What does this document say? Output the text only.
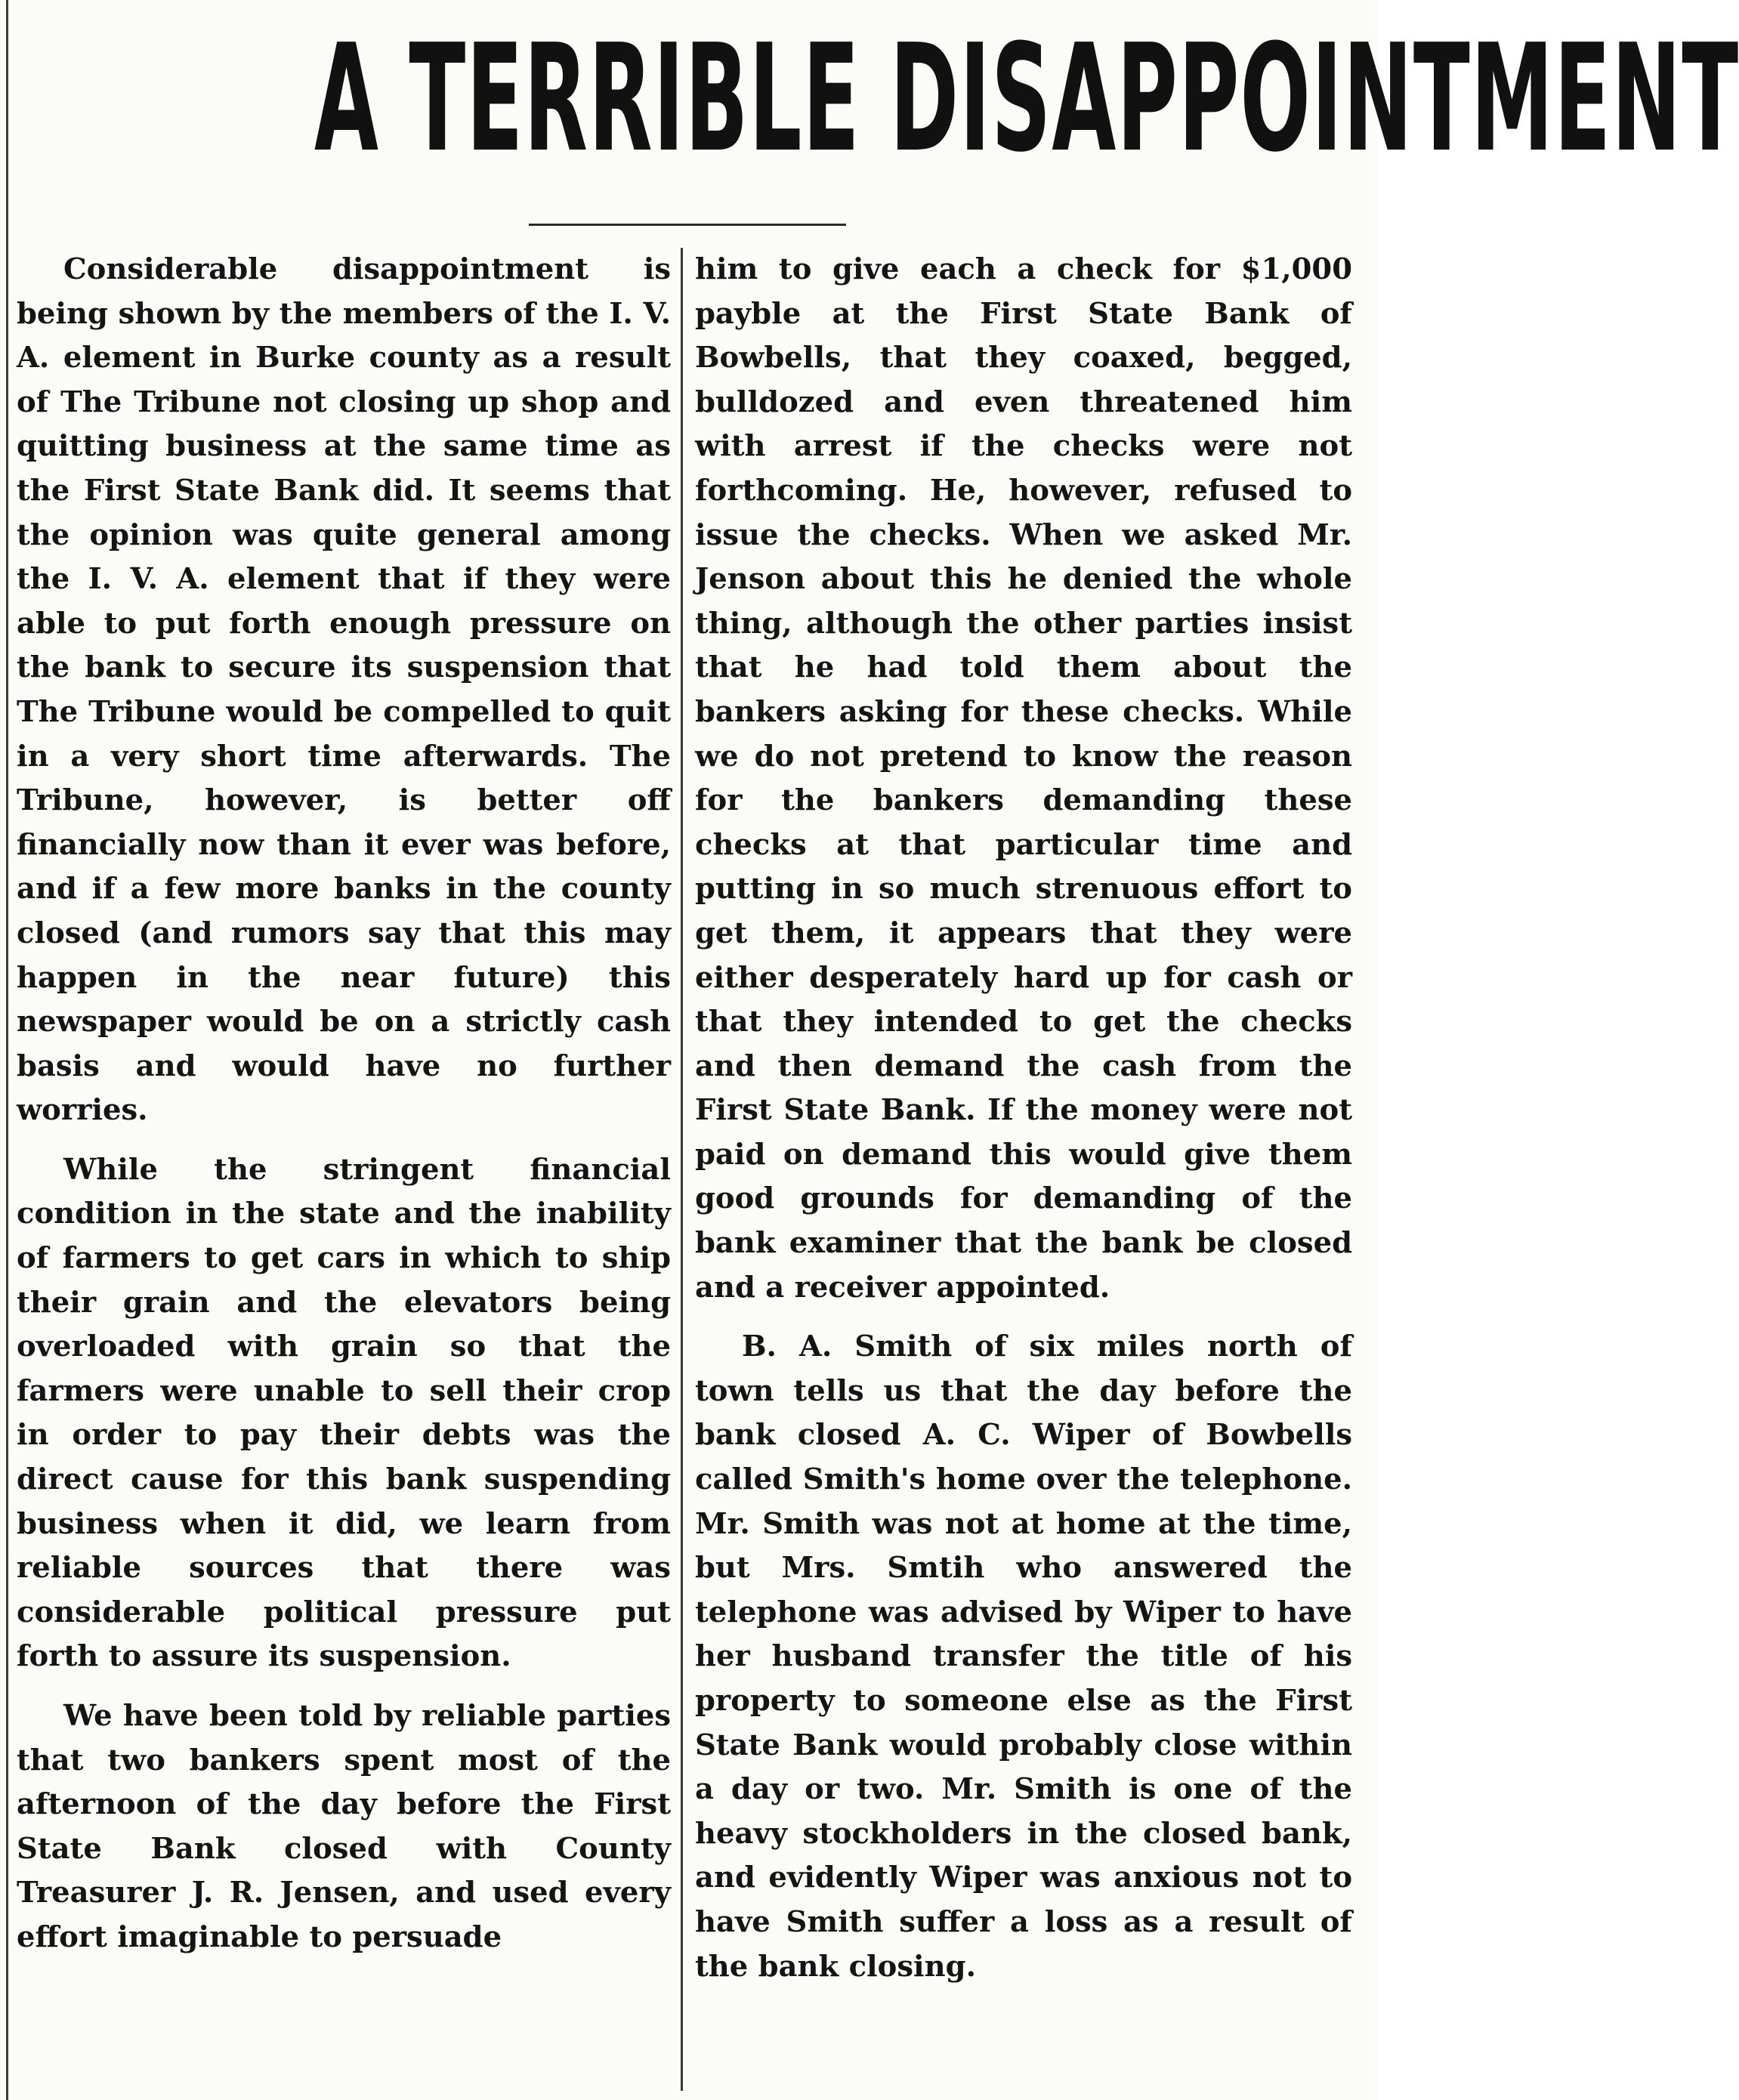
A TERRIBLE DISAPPOINTMENT

Considerable disappointment is being shown by the members of the I. V. A. element in Burke county as a result of The Tribune not closing up shop and quitting business at the same time as the First State Bank did. It seems that the opinion was quite general among the I. V. A. element that if they were able to put forth enough pressure on the bank to secure its suspension that The Tribune would be compelled to quit in a very short time afterwards. The Tribune, however, is better off financially now than it ever was before, and if a few more banks in the county closed (and rumors say that this may happen in the near future) this newspaper would be on a strictly cash basis and would have no further worries.

While the stringent financial condition in the state and the inability of farmers to get cars in which to ship their grain and the elevators being overloaded with grain so that the farmers were unable to sell their crop in order to pay their debts was the direct cause for this bank suspending business when it did, we learn from reliable sources that there was considerable political pressure put forth to assure its suspension.

We have been told by reliable parties that two bankers spent most of the afternoon of the day before the First State Bank closed with County Treasurer J. R. Jensen, and used every effort imaginable to persuade

him to give each a check for $1,000 payble at the First State Bank of Bowbells, that they coaxed, begged, bulldozed and even threatened him with arrest if the checks were not forthcoming. He, however, refused to issue the checks. When we asked Mr. Jenson about this he denied the whole thing, although the other parties insist that he had told them about the bankers asking for these checks. While we do not pretend to know the reason for the bankers demanding these checks at that particular time and putting in so much strenuous effort to get them, it appears that they were either desperately hard up for cash or that they intended to get the checks and then demand the cash from the First State Bank. If the money were not paid on demand this would give them good grounds for demanding of the bank examiner that the bank be closed and a receiver appointed.

B. A. Smith of six miles north of town tells us that the day before the bank closed A. C. Wiper of Bowbells called Smith's home over the telephone. Mr. Smith was not at home at the time, but Mrs. Smtih who answered the telephone was advised by Wiper to have her husband transfer the title of his property to someone else as the First State Bank would probably close within a day or two. Mr. Smith is one of the heavy stockholders in the closed bank, and evidently Wiper was anxious not to have Smith suffer a loss as a result of the bank closing.
